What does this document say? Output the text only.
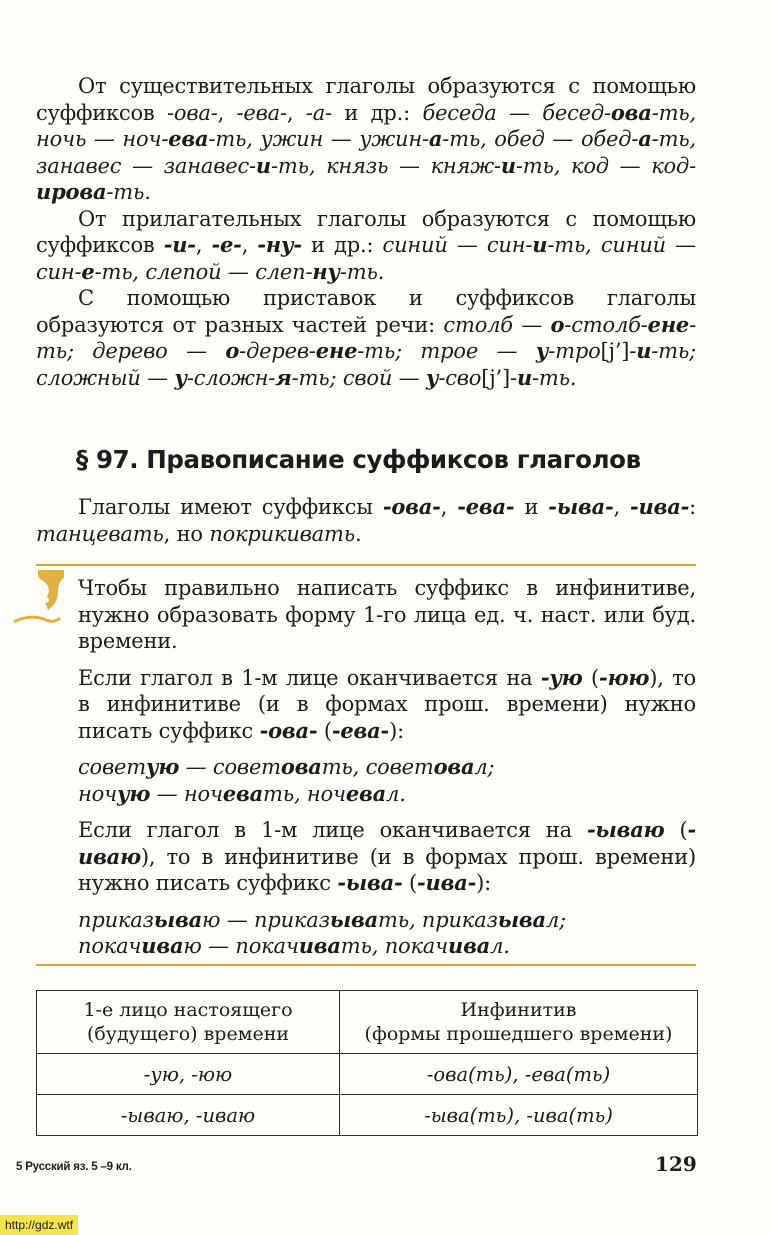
От существительных глаголы образуются с помощью суффиксов -ова-, -ева-, -а- и др.: беседа — бесед-ова-ть, ночь — ноч-ева-ть, ужин — ужин-а-ть, обед — обед-а-ть, занавес — занавес-и-ть, князь — княж-и-ть, код — код-ирова-ть.

От прилагательных глаголы образуются с помощью суффиксов -и-, -е-, -ну- и др.: синий — син-и-ть, синий — син-е-ть, слепой — слеп-ну-ть.

С помощью приставок и суффиксов глаголы образуются от разных частей речи: столб — о-столб-ене-ть; дерево — о-дерев-ене-ть; трое — у-тро[j’]-и-ть; сложный — у-сложн-я-ть; свой — у-сво[j’]-и-ть.

§ 97. Правописание суффиксов глаголов

Глаголы имеют суффиксы -ова-, -ева- и -ыва-, -ива-: танцевать, но покрикивать.

Чтобы правильно написать суффикс в инфинитиве, нужно образовать форму 1-го лица ед. ч. наст. или буд. времени.

Если глагол в 1-м лице оканчивается на -ую (-юю), то в инфинитиве (и в формах прош. времени) нужно писать суффикс -ова- (-ева-):

советую — советовать, советовал;

ночую — ночевать, ночевал.

Если глагол в 1-м лице оканчивается на -ываю (-иваю), то в инфинитиве (и в формах прош. времени) нужно писать суффикс -ыва- (-ива-):

приказываю — приказывать, приказывал;

покачиваю — покачивать, покачивал.

1-е лицо настоящего
(будущего) времени	Инфинитив
(формы прошедшего времени)
-ую, -юю	-ова(ть), -ева(ть)
-ываю, -иваю	-ыва(ть), -ива(ть)
5 Русский яз. 5 –9 кл.	129
http://gdz.wtf
